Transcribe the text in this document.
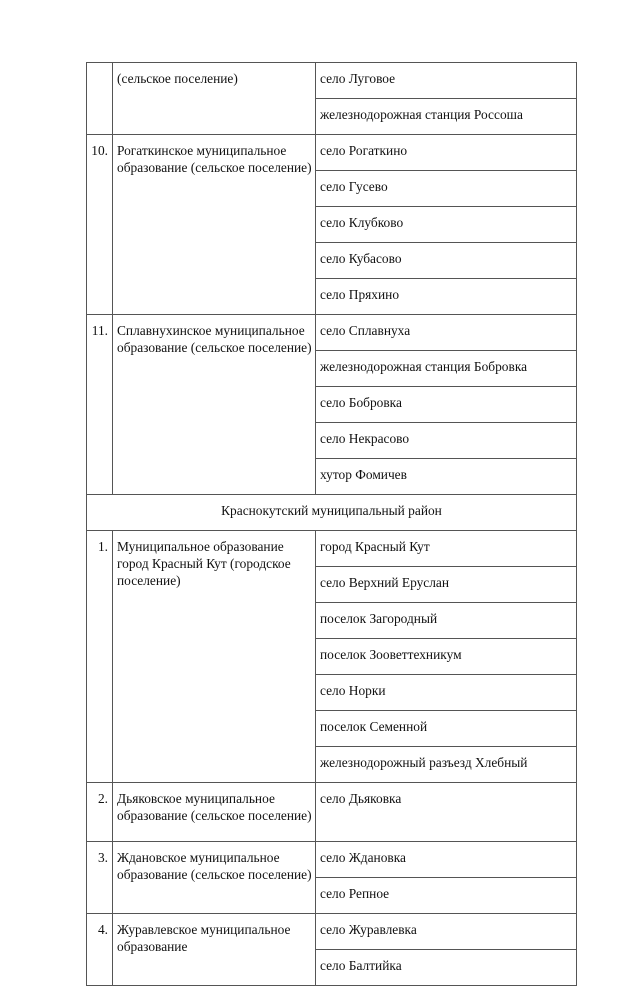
	(сельское поселение)	село Луговое
		железнодорожная станция Россоша
10.	Рогаткинское муниципальное образование (сельское поселение)	село Рогаткино
		село Гусево
		село Клубково
		село Кубасово
		село Пряхино
11.	Сплавнухинское муниципальное образование (сельское поселение)	село Сплавнуха
		железнодорожная станция Бобровка
		село Бобровка
		село Некрасово
		хутор Фомичев
Краснокутский муниципальный район		
1.	Муниципальное образование город Красный Кут (городское поселение)	город Красный Кут
		село Верхний Еруслан
		поселок Загородный
		поселок Зооветтехникум
		село Норки
		поселок Семенной
		железнодорожный разъезд Хлебный
2.	Дьяковское муниципальное образование (сельское поселение)	село Дьяковка
3.	Ждановское муниципальное образование (сельское поселение)	село Ждановка
		село Репное
4.	Журавлевское муниципальное образование	село Журавлевка
		село Балтийка
